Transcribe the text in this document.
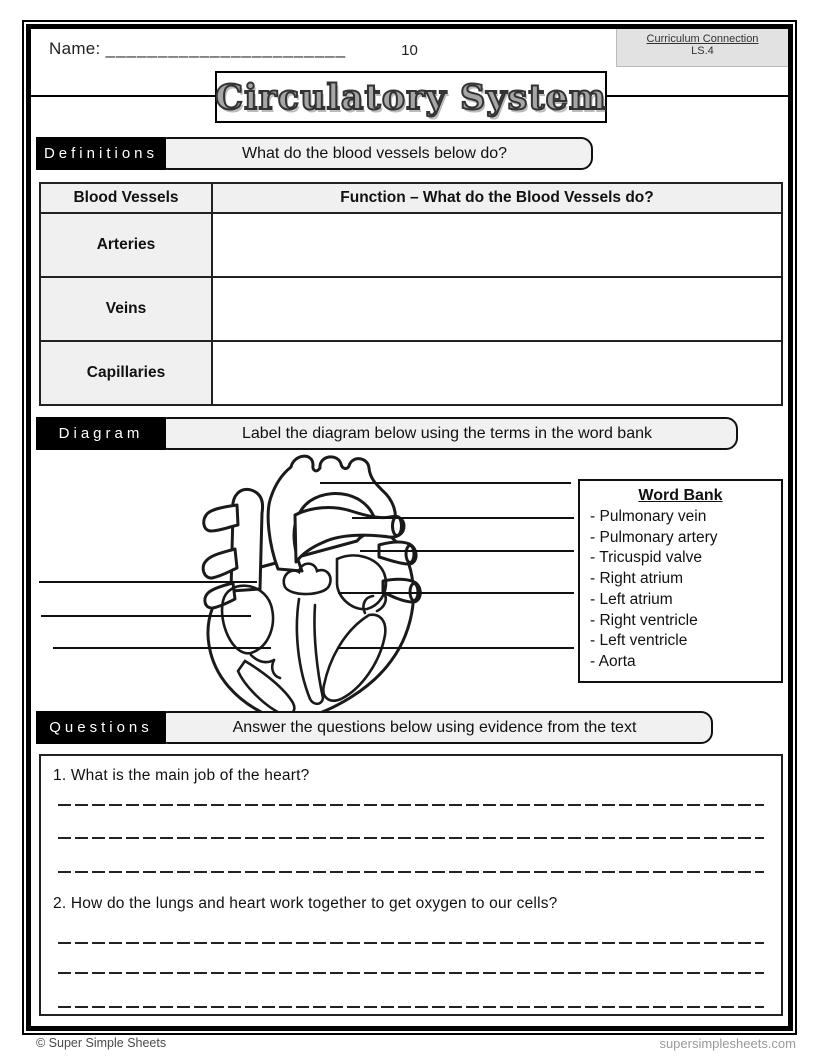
Name: _______________________	10
Curriculum Connection
LS.4
Circulatory System
What do the blood vessels below do?
Definitions
Blood Vessels	Function – What do the Blood Vessels do?
Arteries	
Veins	
Capillaries	
Label the diagram below using the terms in the word bank
Diagram
Word Bank
- Pulmonary vein
- Pulmonary artery
- Tricuspid valve
- Right atrium
- Left atrium
- Right ventricle
- Left ventricle
- Aorta
Answer the questions below using evidence from the text
Questions
1. What is the main job of the heart?
2. How do the lungs and heart work together to get oxygen to our cells?
© Super Simple Sheets	supersimplesheets.com
